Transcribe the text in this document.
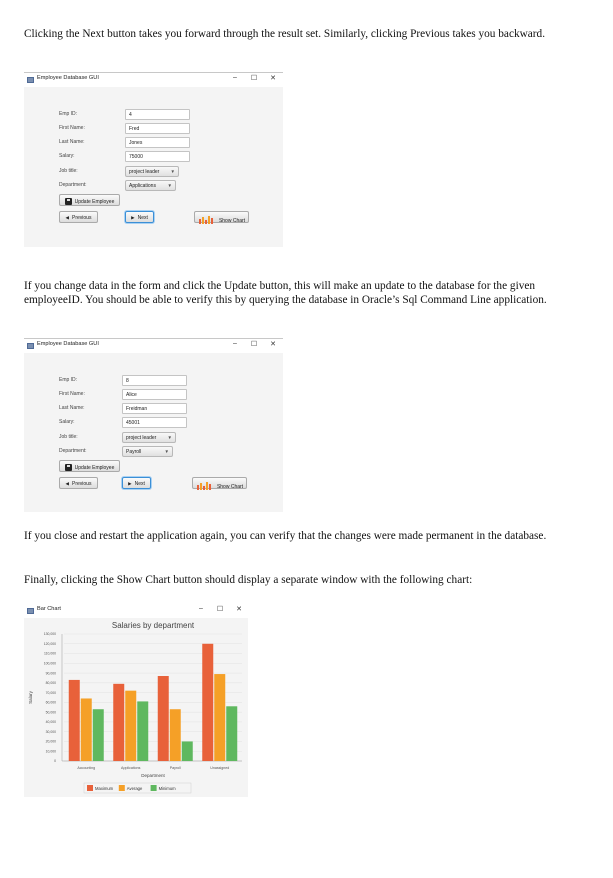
Clicking the Next button takes you forward through the result set. Similarly, clicking Previous takes you backward.

Employee Database GUI	–	☐ ✕
Emp ID:	4
First Name:	Fred
Last Name:	Jones
Salary:	75000
Job title:	project leader ▼
Department:	Applications	▼
Update Employee
◀ Previous	▶ Next	Show Chart

If you change data in the form and click the Update button, this will make an update to the database for the given employeeID. You should be able to verify this by querying the database in Oracle’s Sql Command Line application.

Employee Database GUI	–	☐ ✕
Emp ID:	8
First Name:	Alice
Last Name:	Freidman
Salary:	45001
Job title:	project leader ▼
Department:	Payroll	▼
Update Employee
◀ Previous	▶ Next	Show Chart

If you close and restart the application again, you can verify that the changes were made permanent in the database.

Finally, clicking the Show Chart button should display a separate window with the following chart:

Bar Chart	–	☐ ✕
Salaries by department
0
10,000
20,000
30,000
40,000
50,000
60,000
70,000
80,000
90,000
100,000
110,000
120,000
130,000
Accounting	Applications	Payroll	Unassigned
Department
Salary
Maximum	Average	Minimum
